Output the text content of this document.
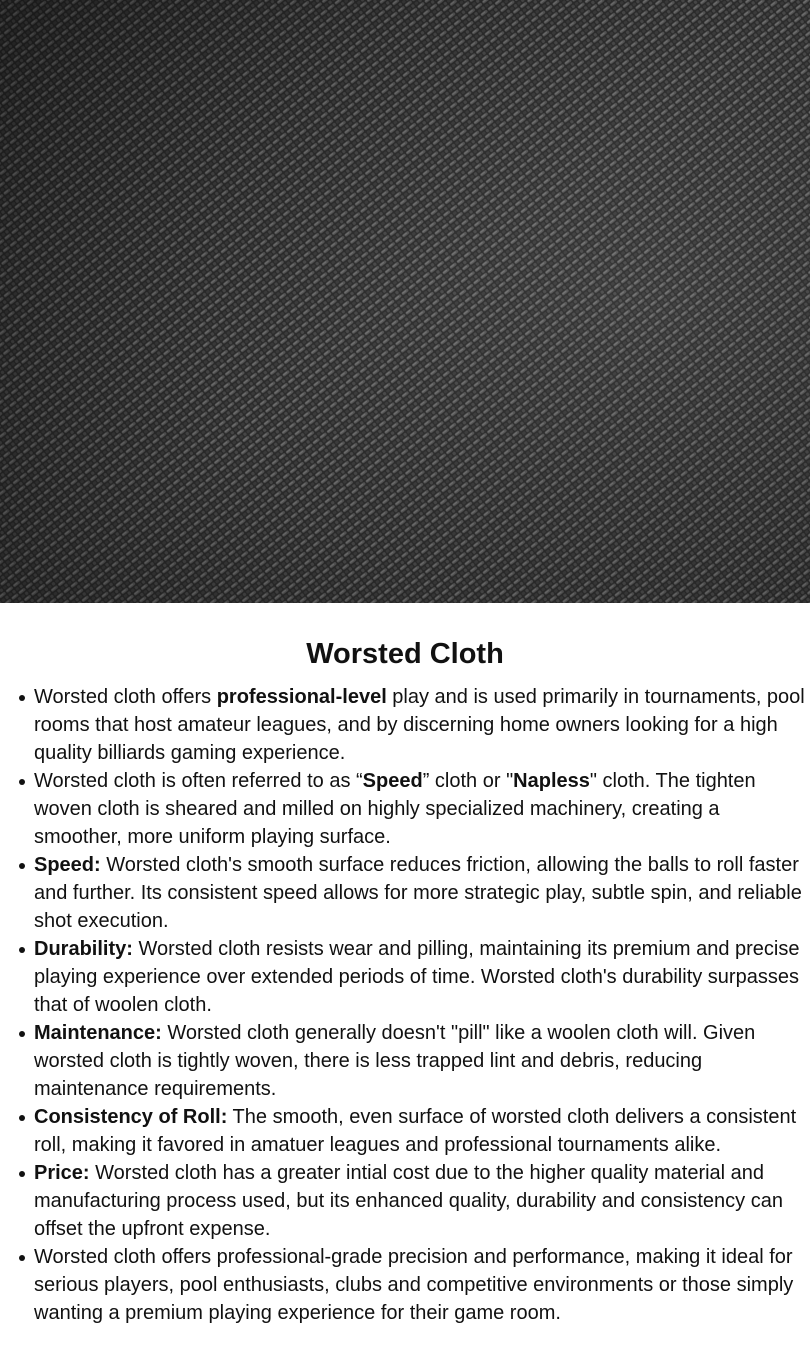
Worsted Cloth
Worsted cloth offers professional-level play and is used primarily in tournaments, pool rooms that host amateur leagues, and by discerning home owners looking for a high quality billiards gaming experience.
Worsted cloth is often referred to as “Speed” cloth or "Napless" cloth. The tighten woven cloth is sheared and milled on highly specialized machinery, creating a smoother, more uniform playing surface.
Speed: Worsted cloth's smooth surface reduces friction, allowing the balls to roll faster and further. Its consistent speed allows for more strategic play, subtle spin, and reliable shot execution.
Durability: Worsted cloth resists wear and pilling, maintaining its premium and precise playing experience over extended periods of time. Worsted cloth's durability surpasses that of woolen cloth.
Maintenance: Worsted cloth generally doesn't "pill" like a woolen cloth will. Given worsted cloth is tightly woven, there is less trapped lint and debris, reducing maintenance requirements.
Consistency of Roll: The smooth, even surface of worsted cloth delivers a consistent roll, making it favored in amatuer leagues and professional tournaments alike.
Price: Worsted cloth has a greater intial cost due to the higher quality material and manufacturing process used, but its enhanced quality, durability and consistency can offset the upfront expense.
Worsted cloth offers professional-grade precision and performance, making it ideal for serious players, pool enthusiasts, clubs and competitive environments or those simply wanting a premium playing experience for their game room.
